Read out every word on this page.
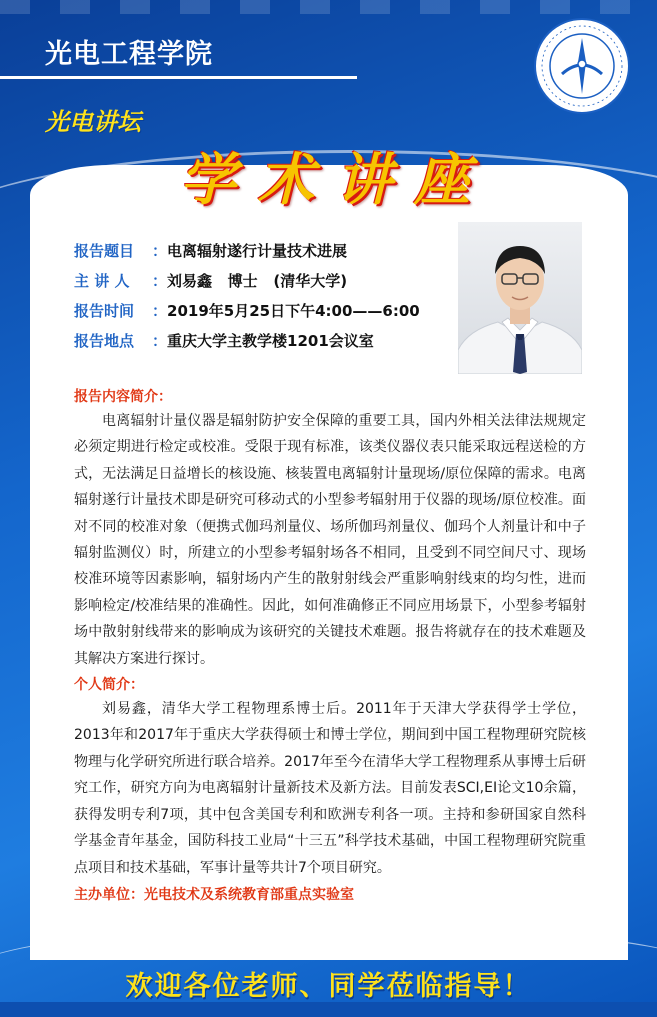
光电工程学院
光电讲坛
学术讲座
报告题目 ：电离辐射遂行计量技术进展
主 讲 人 ：刘易鑫   博士   (清华大学)
报告时间 ：2019年5月25日下午4:00——6:00
报告地点 ：重庆大学主教学楼1201会议室
报告内容简介：

电离辐射计量仪器是辐射防护安全保障的重要工具，国内外相关法律法规规定必须定期进行检定或校准。受限于现有标准，该类仪器仪表只能采取远程送检的方式，无法满足日益增长的核设施、核装置电离辐射计量现场/原位保障的需求。电离辐射遂行计量技术即是研究可移动式的小型参考辐射用于仪器的现场/原位校准。面对不同的校准对象（便携式伽玛剂量仪、场所伽玛剂量仪、伽玛个人剂量计和中子辐射监测仪）时，所建立的小型参考辐射场各不相同，且受到不同空间尺寸、现场校准环境等因素影响，辐射场内产生的散射射线会严重影响射线束的均匀性，进而影响检定/校准结果的准确性。因此，如何准确修正不同应用场景下，小型参考辐射场中散射射线带来的影响成为该研究的关键技术难题。报告将就存在的技术难题及其解决方案进行探讨。

个人简介：

刘易鑫，清华大学工程物理系博士后。2011年于天津大学获得学士学位，2013年和2017年于重庆大学获得硕士和博士学位，期间到中国工程物理研究院核物理与化学研究所进行联合培养。2017年至今在清华大学工程物理系从事博士后研究工作，研究方向为电离辐射计量新技术及新方法。目前发表SCI,EI论文10余篇，获得发明专利7项，其中包含美国专利和欧洲专利各一项。主持和参研国家自然科学基金青年基金，国防科技工业局“十三五”科学技术基础，中国工程物理研究院重点项目和技术基础，军事计量等共计7个项目研究。

主办单位：光电技术及系统教育部重点实验室
欢迎各位老师、同学莅临指导！
